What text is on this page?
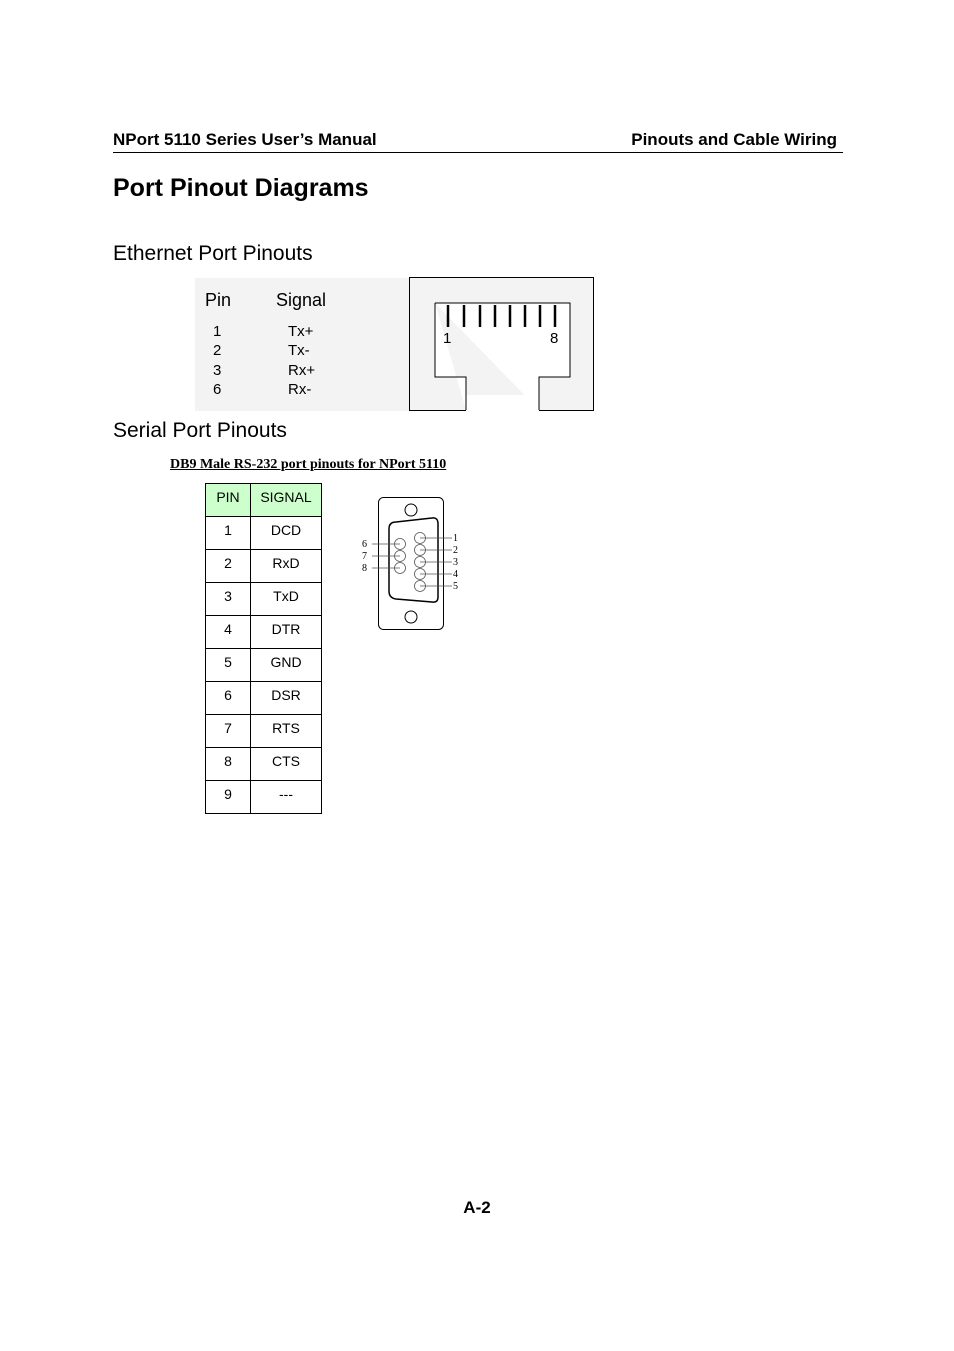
NPort 5110 Series User’s Manual	Pinouts and Cable Wiring
Port Pinout Diagrams
Ethernet Port Pinouts
Pin Signal
1	Tx+
2	Tx-
3	Rx+
6	Rx-
1	8
Serial Port Pinouts
DB9 Male RS-232 port pinouts for NPort 5110
PIN	SIGNAL
1	DCD
2	RxD
3	TxD
4	DTR
5	GND
6	DSR
7	RTS
8	CTS
9	---
1
2
3
4
5
6
7
8
A-2
